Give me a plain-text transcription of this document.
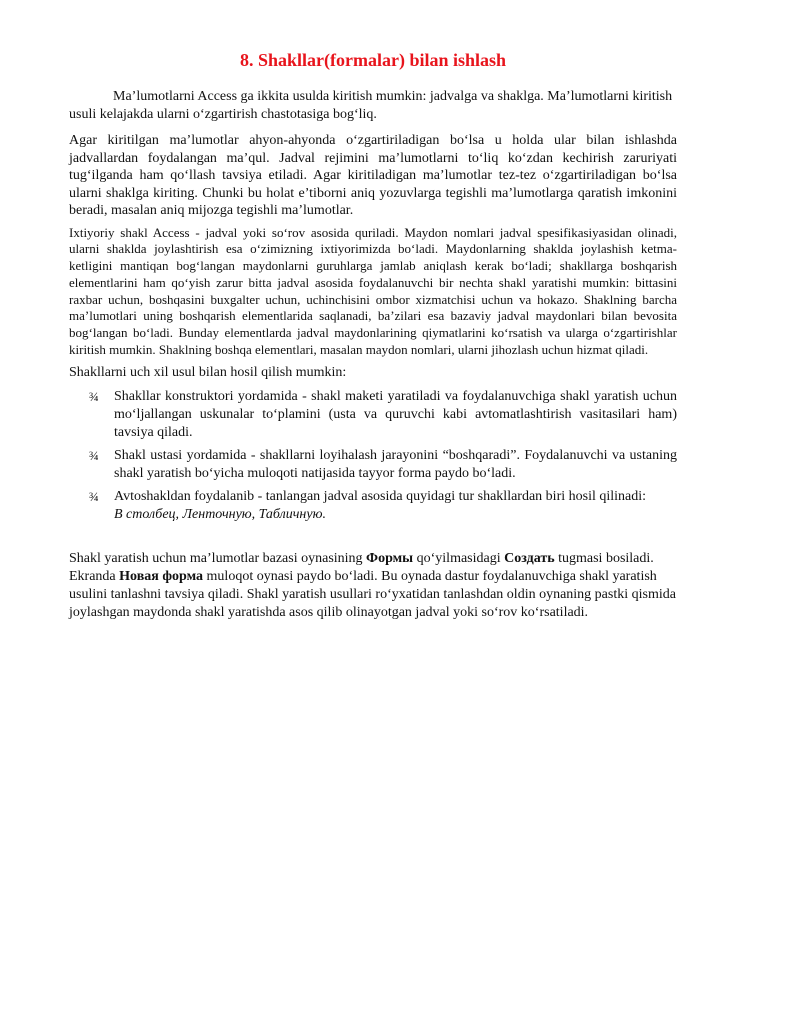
8. Shakllar(formalar) bilan ishlash

Ma’lumotlarni Access ga ikkita usulda kiritish mumkin: jadvalga va shaklga. Ma’lumotlarni kiritish usuli kelajakda ularni o‘zgartirish chastotasiga bog‘liq.

Agar kiritilgan ma’lumotlar ahyon-ahyonda o‘zgartiriladigan bo‘lsa u holda ular bilan ishlashda jadvallardan foydalangan ma’qul. Jadval rejimini ma’lumotlarni to‘liq ko‘zdan kechirish zaruriyati tug‘ilganda ham qo‘llash tavsiya etiladi. Agar kiritiladigan ma’lumotlar tez-tez o‘zgartiriladigan bo‘lsa ularni shaklga kiriting. Chunki bu holat e’tiborni aniq yozuvlarga tegishli ma’lumotlarga qaratish imkonini beradi, masalan aniq mijozga tegishli ma’lumotlar.

Ixtiyoriy shakl Access - jadval yoki so‘rov asosida quriladi. Maydon nomlari jadval spesifikasiyasidan olinadi, ularni shaklda joylashtirish esa o‘zimizning ixtiyorimizda bo‘ladi. Maydonlarning shaklda joylashish ketma-ketligini mantiqan bog‘langan maydonlarni guruhlarga jamlab aniqlash kerak bo‘ladi; shakllarga boshqarish elementlarini ham qo‘yish zarur bitta jadval asosida foydalanuvchi bir nechta shakl yaratishi mumkin: bittasini raxbar uchun, boshqasini buxgalter uchun, uchinchisini ombor xizmatchisi uchun va hokazo. Shaklning barcha ma’lumotlari uning boshqarish elementlarida saqlanadi, ba’zilari esa bazaviy jadval maydonlari bilan bevosita bog‘langan bo‘ladi. Bunday elementlarda jadval maydonlarining qiymatlarini ko‘rsatish va ularga o‘zgartirishlar kiritish mumkin. Shaklning boshqa elementlari, masalan maydon nomlari, ularni jihozlash uchun hizmat qiladi.

Shakllarni uch xil usul bilan hosil qilish mumkin:

¾ Shakllar konstruktori yordamida - shakl maketi yaratiladi va foydalanuvchiga shakl yaratish uchun mo‘ljallangan uskunalar to‘plamini (usta va quruvchi kabi avtomatlashtirish vasitasilari ham) tavsiya qiladi.
¾ Shakl ustasi yordamida - shakllarni loyihalash jarayonini “boshqaradi”. Foydalanuvchi va ustaning shakl yaratish bo‘yicha muloqoti natijasida tayyor forma paydo bo‘ladi.
¾ Avtoshakldan foydalanib - tanlangan jadval asosida quyidagi tur shakllardan biri hosil qilinadi:
В столбец, Ленточную, Табличную.

Shakl yaratish uchun ma’lumotlar bazasi oynasining Формы qo‘yilmasidagi Создать tugmasi bosiladi. Ekranda Новая форма muloqot oynasi paydo bo‘ladi. Bu oynada dastur foydalanuvchiga shakl yaratish usulini tanlashni tavsiya qiladi. Shakl yaratish usullari ro‘yxatidan tanlashdan oldin oynaning pastki qismida joylashgan maydonda shakl yaratishda asos qilib olinayotgan jadval yoki so‘rov ko‘rsatiladi.
